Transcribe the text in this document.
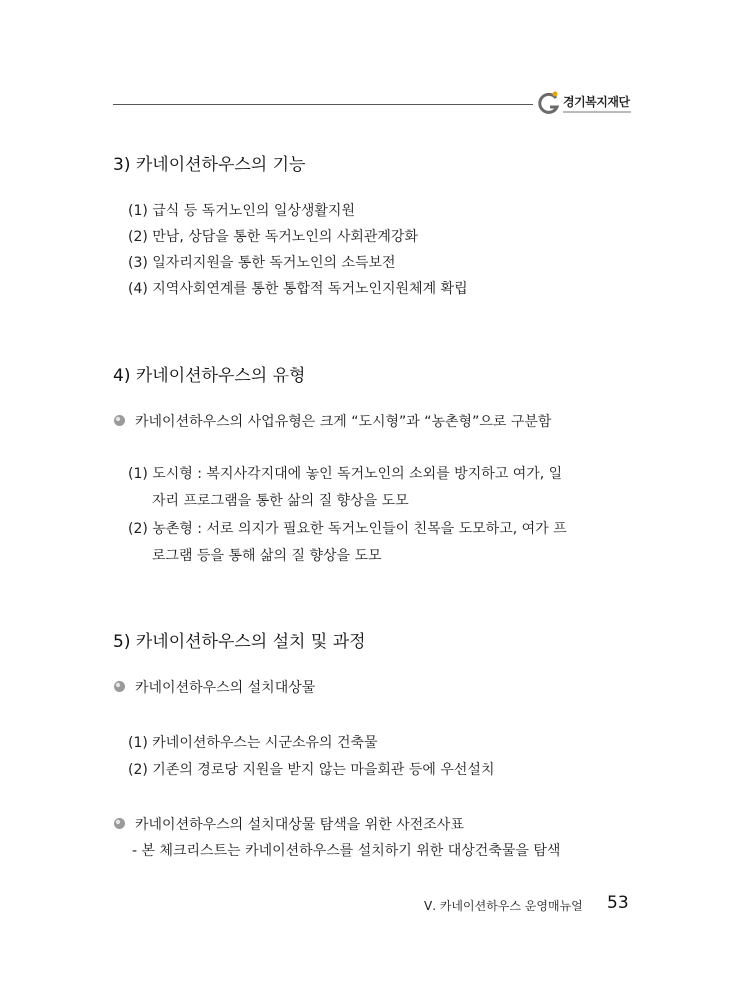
경기복지재단
3) 카네이션하우스의 기능
(1) 급식 등 독거노인의 일상생활지원
(2) 만남, 상담을 통한 독거노인의 사회관계강화
(3) 일자리지원을 통한 독거노인의 소득보전
(4) 지역사회연계를 통한 통합적 독거노인지원체계 확립
4) 카네이션하우스의 유형
카네이션하우스의 사업유형은 크게 “도시형”과 “농촌형”으로 구분함
(1) 도시형 : 복지사각지대에 놓인 독거노인의 소외를 방지하고 여가, 일
자리 프로그램을 통한 삶의 질 향상을 도모
(2) 농촌형 : 서로 의지가 필요한 독거노인들이 친목을 도모하고, 여가 프
로그램 등을 통해 삶의 질 향상을 도모
5) 카네이션하우스의 설치 및 과정
카네이션하우스의 설치대상물
(1) 카네이션하우스는 시군소유의 건축물
(2) 기존의 경로당 지원을 받지 않는 마을회관 등에 우선설치
카네이션하우스의 설치대상물 탐색을 위한 사전조사표
- 본 체크리스트는 카네이션하우스를 설치하기 위한 대상건축물을 탐색
Ⅴ. 카네이션하우스 운영매뉴얼 53
